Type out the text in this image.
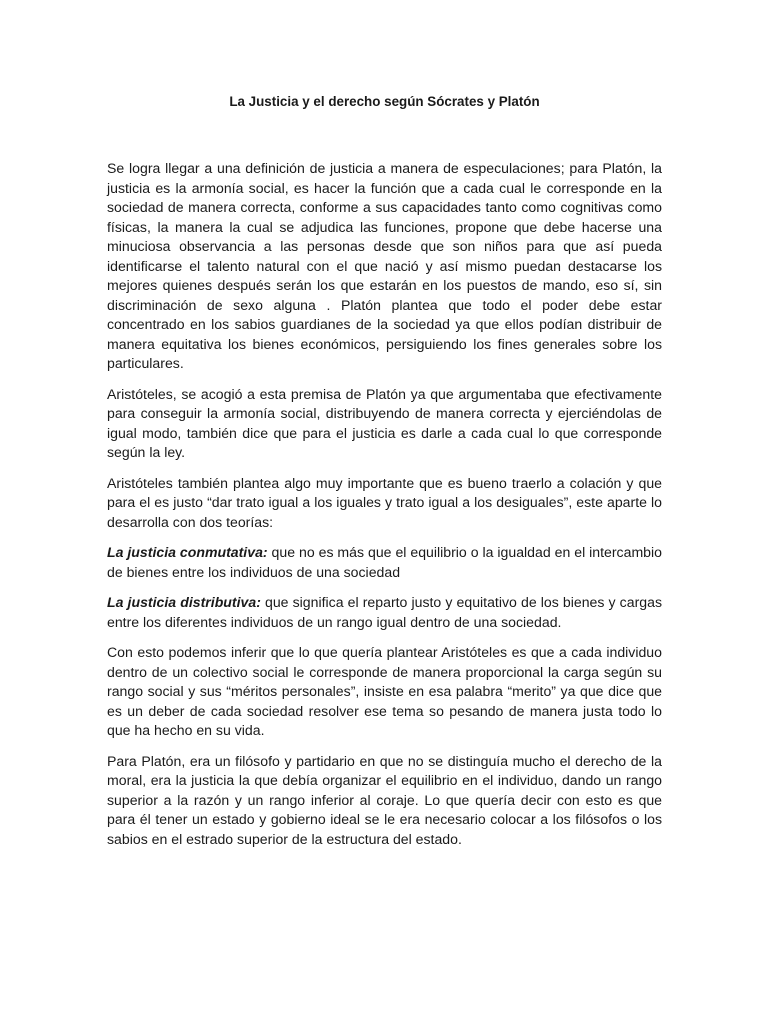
La Justicia y el derecho según Sócrates y Platón

Se logra llegar a una definición de justicia a manera de especulaciones; para Platón, la justicia es la armonía social, es hacer la función que a cada cual le corresponde en la sociedad de manera correcta, conforme a sus capacidades tanto como cognitivas como físicas, la manera la cual se adjudica las funciones, propone que debe hacerse una minuciosa observancia a las personas desde que son niños para que así pueda identificarse el talento natural con el que nació y así mismo puedan destacarse los mejores quienes después serán los que estarán en los puestos de mando, eso sí, sin discriminación de sexo alguna . Platón plantea que todo el poder debe estar concentrado en los sabios guardianes de la sociedad ya que ellos podían distribuir de manera equitativa los bienes económicos, persiguiendo los fines generales sobre los particulares.

Aristóteles, se acogió a esta premisa de Platón ya que argumentaba que efectivamente para conseguir la armonía social, distribuyendo de manera correcta y ejerciéndolas de igual modo, también dice que para el justicia es darle a cada cual lo que corresponde según la ley.

Aristóteles también plantea algo muy importante que es bueno traerlo a colación y que para el es justo “dar trato igual a los iguales y trato igual a los desiguales”, este aparte lo desarrolla con dos teorías:

La justicia conmutativa: que no es más que el equilibrio o la igualdad en el intercambio de bienes entre los individuos de una sociedad

La justicia distributiva: que significa el reparto justo y equitativo de los bienes y cargas entre los diferentes individuos de un rango igual dentro de una sociedad.

Con esto podemos inferir que lo que quería plantear Aristóteles es que a cada individuo dentro de un colectivo social le corresponde de manera proporcional la carga según su rango social y sus “méritos personales”, insiste en esa palabra “merito” ya que dice que es un deber de cada sociedad resolver ese tema so pesando de manera justa todo lo que ha hecho en su vida.

Para Platón, era un filósofo y partidario en que no se distinguía mucho el derecho de la moral, era la justicia la que debía organizar el equilibrio en el individuo, dando un rango superior a la razón y un rango inferior al coraje. Lo que quería decir con esto es que para él tener un estado y gobierno ideal se le era necesario colocar a los filósofos o los sabios en el estrado superior de la estructura del estado.
